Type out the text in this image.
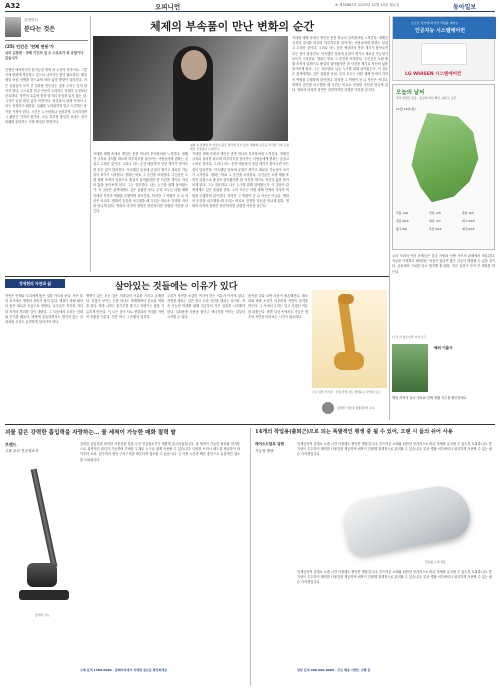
A32	오피니언	※ 제30887호 2025년 12월 14일 월요일	동아일보
김정민의
분다는 것은
(25) 인간은 '연체 연동'가
뇌의 김동현 · 장래 기인의 일 수 스포츠가 최 유탈이다 있습니다
인생은 예측하기가 불가능한 영역 과 도전의 연속이다. 그렇기에 변화에 적응하고 앞으로 나아가는 힘이 필요하다. 매일매일 어떤 선택을 하느냐에 따라 삶의 방향이 달라진다. 작은 습관들이 모여 큰 결과를 만든다는 것을 우리는 잊지 말아야 한다. 스스로를 믿고 꾸준히 노력하는 자세가 무엇보다 중요하다. 자연의 흐름에 몸을 맡기되 중심을 잃지 않는 것, 그것이 균형 잡힌 삶의 비결이다. 타인과의 관계 속에서 우리는 성장하고 배운다. 실패를 두려워하지 말고 도전하는 용기를 가져야 한다. 시간은 누구에게나 공평하게 주어지지만 그 활용은 각자의 몫이다. 오늘 하루를 충실히 보내는 것이 미래를 준비하는 가장 확실한 방법이다.
체제의 부속품이 만난 변화의 순간
영화 속 장면의 한 인물이 깊은 생각에 잠겨 있다. 변화의 순간을 마주한 그의 표정에서 긴장감이 느껴진다.
거대한 체제 속에서 개인은 종종 하나의 부속품처럼 느껴진다. 정해진 규칙과 질서를 따르며 하루하루를 살아가는 사람들에게 변화는 낯설고 두려운 것이다. 그러나 어느 순간 예상하지 못한 계기가 찾아오면 모든 것이 달라진다. 익숙했던 일상에 균열이 생기고 새로운 가능성이 보이기 시작한다. 영화는 바로 그 순간을 포착한다. 주인공은 오랜 세월 조직의 일원으로 충실히 살아왔지만 한 사건을 계기로 자신의 삶을 돌아보게 된다. 그는 질문한다. 나는 누구를 위해 살아왔는가. 이 질문은 관객에게도 깊은 울림을 준다. 우리 모두는 어떤 체제 안에서 각자의 역할을 수행하며 살아간다. 하지만 그 역할이 곧 나 자신은 아니다. 변화의 순간을 마주했을 때 우리는 비로소 진정한 자신과 만나게 된다. 영화의 마지막 장면은 잔잔하지만 강렬한 여운을 남긴다.
거대한 체제 속에서 개인은 종종 하나의 부속품처럼 느껴진다. 정해진 규칙과 질서를 따르며 하루하루를 살아가는 사람들에게 변화는 낯설고 두려운 것이다. 그러나 어느 순간 예상하지 못한 계기가 찾아오면 모든 것이 달라진다. 익숙했던 일상에 균열이 생기고 새로운 가능성이 보이기 시작한다. 영화는 바로 그 순간을 포착한다. 주인공은 오랜 세월 조직의 일원으로 충실히 살아왔지만 한 사건을 계기로 자신의 삶을 돌아보게 된다. 그는 질문한다. 나는 누구를 위해 살아왔는가. 이 질문은 관객에게도 깊은 울림을 준다. 우리 모두는 어떤 체제 안에서 각자의 역할을 수행하며 살아간다. 하지만 그 역할이 곧 나 자신은 아니다. 변화의 순간을 마주했을 때 우리는 비로소 진정한 자신과 만나게 된다. 영화의 마지막 장면은 잔잔하지만 강렬한 여운을 남긴다.
거대한 체제 속에서 개인은 종종 하나의 부속품처럼 느껴진다. 정해진 규칙과 질서를 따르며 하루하루를 살아가는 사람들에게 변화는 낯설고 두려운 것이다. 그러나 어느 순간 예상하지 못한 계기가 찾아오면 모든 것이 달라진다. 익숙했던 일상에 균열이 생기고 새로운 가능성이 보이기 시작한다. 영화는 바로 그 순간을 포착한다. 주인공은 오랜 세월 조직의 일원으로 충실히 살아왔지만 한 사건을 계기로 자신의 삶을 돌아보게 된다. 그는 질문한다. 나는 누구를 위해 살아왔는가. 이 질문은 관객에게도 깊은 울림을 준다. 우리 모두는 어떤 체제 안에서 각자의 역할을 수행하며 살아간다. 하지만 그 역할이 곧 나 자신은 아니다. 변화의 순간을 마주했을 때 우리는 비로소 진정한 자신과 만나게 된다. 영화의 마지막 장면은 잔잔하지만 강렬한 여운을 남긴다.
소소로 성가에 되어서 작업을 대까는
인공지능 시스템에어컨
LG WHISEN 시스템에어컨
오늘의 날씨
전국 대체로 맑음 · 동남쪽 바다 해안, 제주도 오후
12월 14일(월)
서울 -2/6	인천 -1/5	춘천 -6/5
강릉 2/10	대전 -3/7	대구 0/10
광주 0/9	부산 3/12	제주 6/12
정세헌의 자연과 삶	살아있는 것들에는 이유가 있다
자연은 언제나 우리에게 많은 것을 가르쳐 준다. 작은 풀 한 포기에도 생명의 신비가 담겨 있다. 계절이 바뀔 때마다 숲은 새로운 모습으로 변한다. 나무들은 묵묵히 자리를 지키며 뿌리를 깊이 내린다. 그 모습에서 우리는 인내와 끈기를 배운다. 바람에 흔들리면서도 꺾이지 않는 갈대처럼 우리도 유연하게 살아가야 한다.
생명이 있는 모든 것은 저마다의 이유를 가지고 존재한다. 하찮아 보이는 곤충 하나도 생태계에서 중요한 역할을 한다. 벌과 나비는 꽃가루를 옮기고 지렁이는 흙을 기름지게 만든다. 이 모든 것이 서로 연결되어 거대한 자연의 순환을 이룬다. 인간 역시 그 순환의 일부다.
우리가 자연을 소중히 여겨야 하는 이유가 여기에 있다. 자연을 해치는 일은 결국 우리 자신을 해치는 일이다. 지속 가능한 미래를 위해 지금부터 작은 실천을 시작해야 한다. 일회용품 사용을 줄이고 에너지를 아끼는 것부터 시작할 수 있다.
숲속을 걷다 보면 마음이 평온해진다. 새소리와 바람 소리가 어우러져 자연의 음악을 만든다. 그 속에서 우리는 잊고 지냈던 여유를 되찾는다. 바쁜 일상 속에서도 가끔은 멈추어 자연을 바라보는 시간이 필요하다.
주요 대학 부서장 · 선정 관계 지도 협력하는 지역의 보도
정세헌 서울대 생명과학부 교수
우리 사회의 여러 문제들은 결국 사람과 사람 사이의 관계에서 비롯된다. 서로를 이해하고 배려하는 마음이 있다면 많은 갈등이 해결될 수 있을 것이다. 공동체의 가치를 다시 생각해 볼 때다. 작은 실천이 모여 큰 변화를 만든다.
이 성 서 정오이라 기자 소고
해외 이름사
해당 지역의 날씨 정보와 함께 생활 지수를 확인하세요
괴물 같은 강력한 흡입력을 자랑하는… 물 세척이 가능한 매화 절력 탈
브랜드
고품 무선 진공청소기
물세척 가능
강력한 흡입력과 편리한 사용성을 갖춘 무선 진공청소기가 새롭게 출시되었습니다. 물 세척이 가능한 필터와 먼지통으로 위생적인 관리가 가능하며 가벼운 무게로 누구나 쉽게 사용할 수 있습니다. 다양한 브러시 헤드를 제공하여 바닥부터 소파, 침구까지 집안 구석구석을 깨끗하게 청소할 수 있습니다. 긴 사용 시간과 빠른 충전으로 효율적인 청소를 도와줍니다.
구매 문의 1588-0000 · 홈페이지에서 자세한 정보를 확인하세요
14개의 작업용(출퇴근)으로 되는 폭발적인 평생 중 될 수 있어, 오랜 시 들의 쉬어 사용
레어스드림로 답변
기능성 방향
인체공학적 설계로 오랜 시간 사용해도 편안한 제품입니다. 부드러운 소재와 탄탄한 지지력으로 바른 자세를 유지할 수 있도록 도와줍니다. 통기성이 우수하여 쾌적한 사용감을 제공하며 세탁이 간편해 위생적으로 관리할 수 있습니다. 일상 생활 어디에서나 편리하게 사용할 수 있는 필수 아이템입니다.
반응형 소재 적용
인체공학적 설계로 오랜 시간 사용해도 편안한 제품입니다. 부드러운 소재와 탄탄한 지지력으로 바른 자세를 유지할 수 있도록 도와줍니다. 통기성이 우수하여 쾌적한 사용감을 제공하며 세탁이 간편해 위생적으로 관리할 수 있습니다. 일상 생활 어디에서나 편리하게 사용할 수 있는 필수 아이템입니다.
상담 문의 080-000-0000 · 무료 배송 이벤트 진행 중
